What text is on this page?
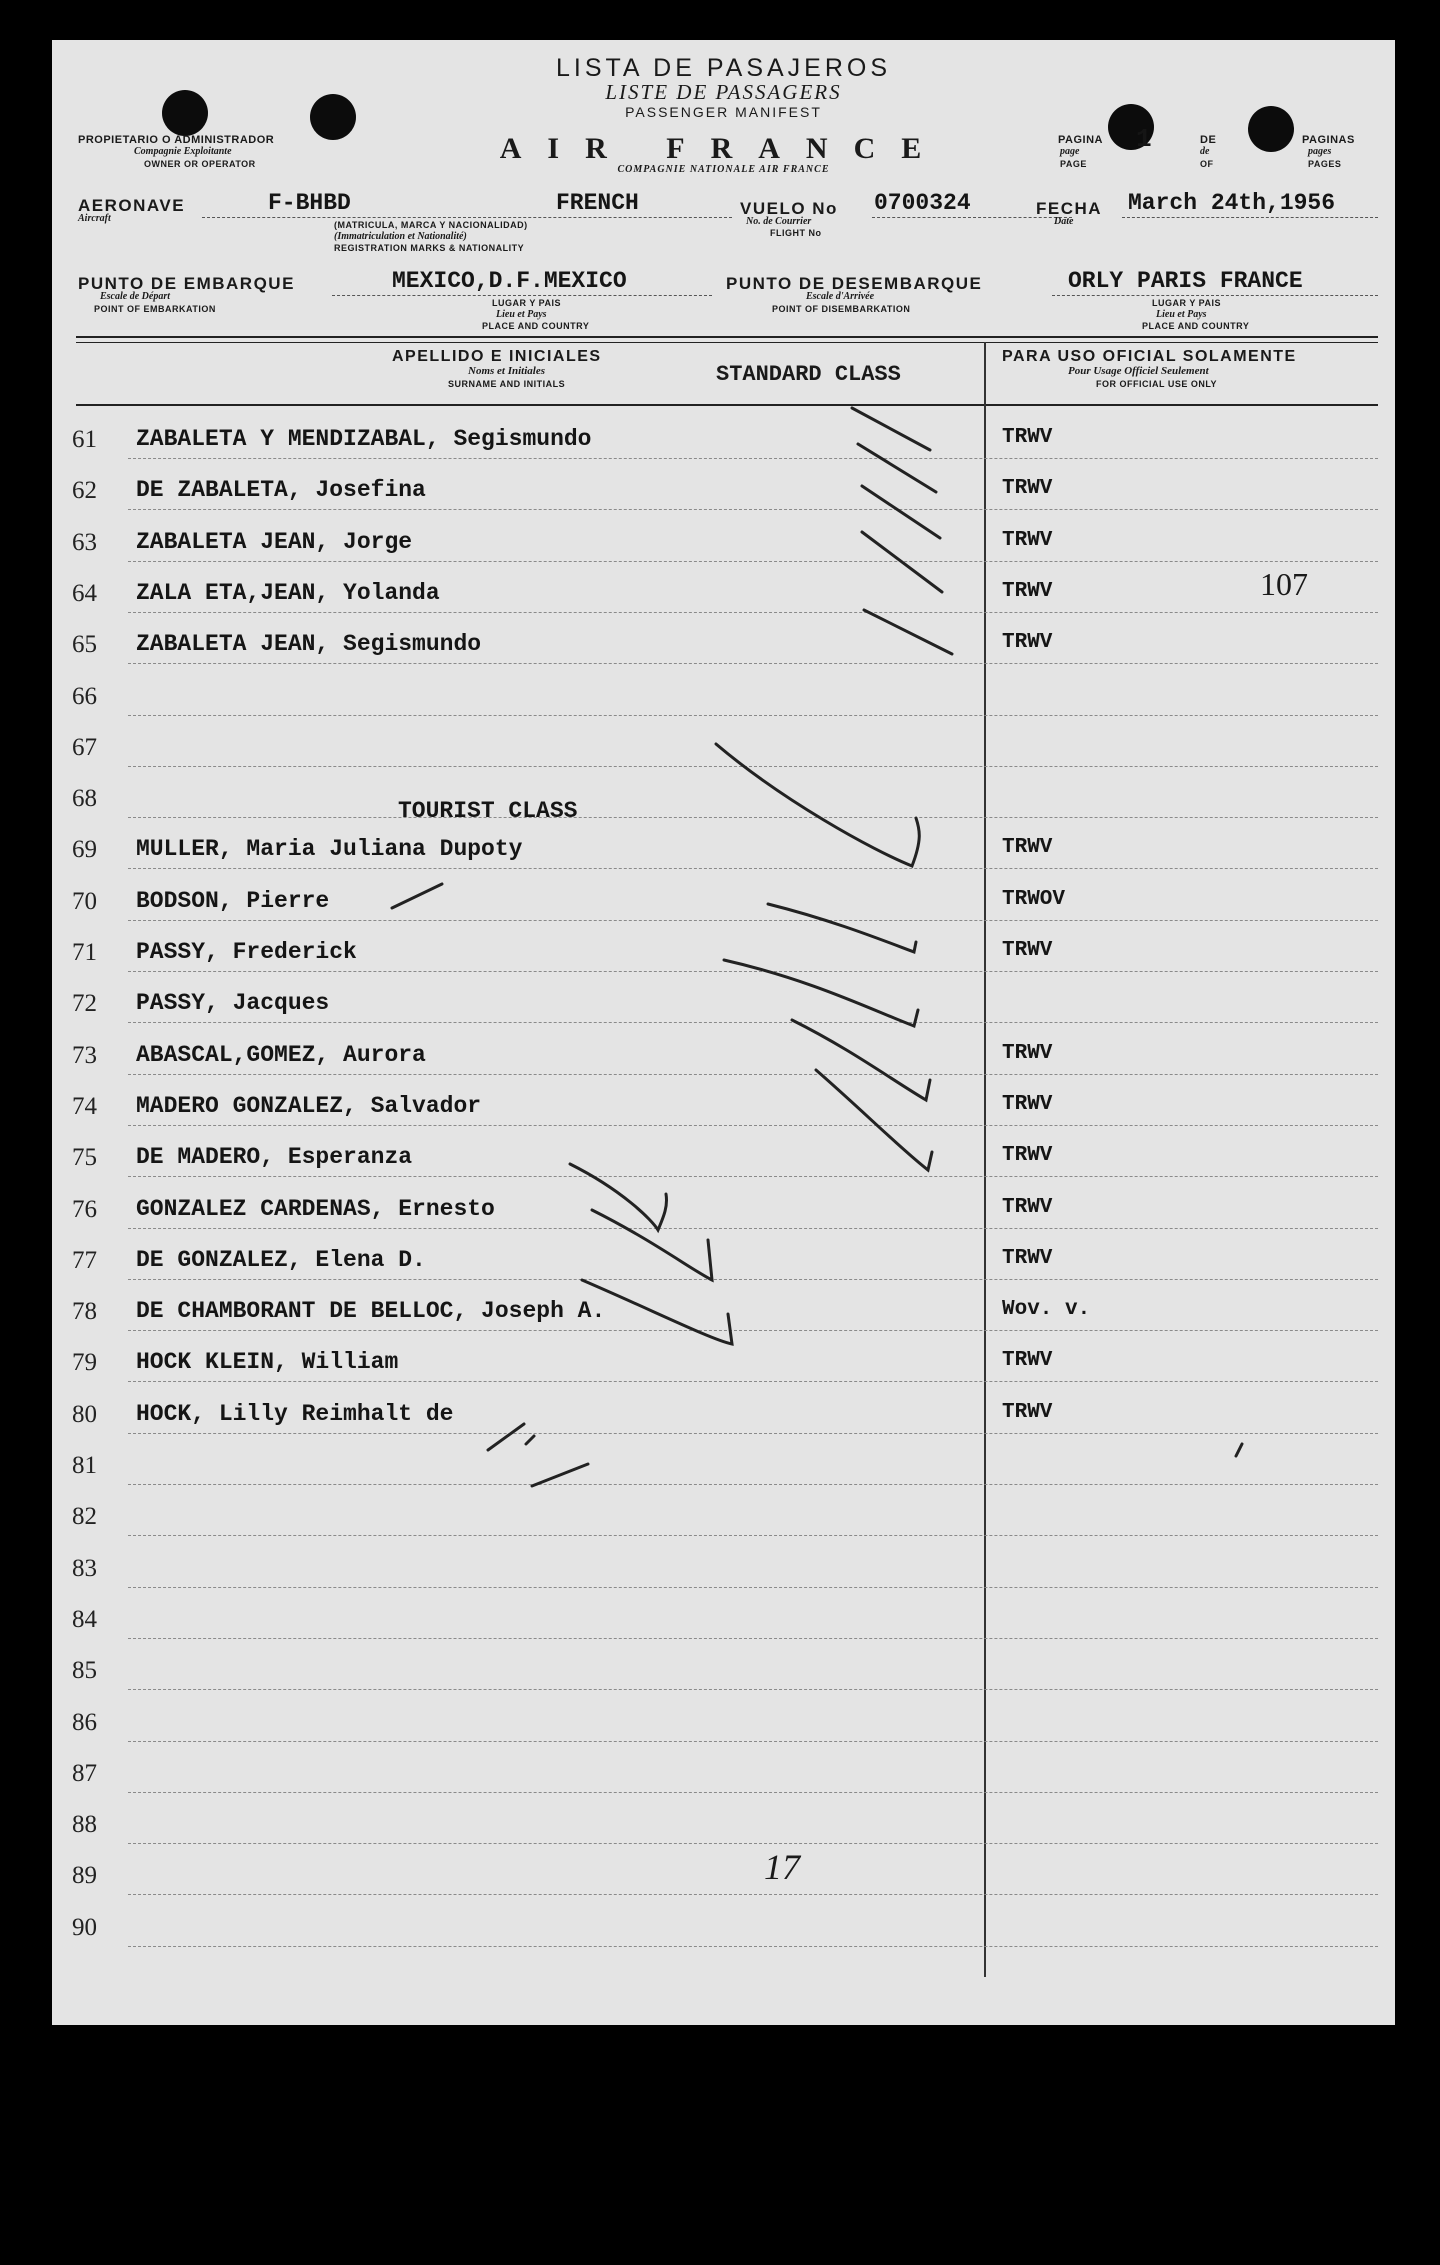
LISTA DE PASAJEROS
LISTE DE PASSAGERS
PASSENGER MANIFEST
AIR FRANCE
COMPAGNIE NATIONALE AIR FRANCE
PROPIETARIO O ADMINISTRADOR
Compagnie Exploitante
OWNER OR OPERATOR
PAGINA
page
PAGE
1	DE
de
OF
PAGINAS
pages
PAGES
AERONAVE
Aircraft
F-BHBD	FRENCH
(MATRICULA, MARCA Y NACIONALIDAD)
(Immatriculation et Nationalité)
REGISTRATION MARKS & NATIONALITY
VUELO No
No. de Courrier
FLIGHT No
0700324	FECHA
Date
March 24th,1956
PUNTO DE EMBARQUE
Escale de Départ
POINT OF EMBARKATION
MEXICO,D.F.MEXICO
LUGAR Y PAIS
Lieu et Pays
PLACE AND COUNTRY
PUNTO DE DESEMBARQUE
Escale d'Arrivée
POINT OF DISEMBARKATION
ORLY PARIS FRANCE
LUGAR Y PAIS
Lieu et Pays
PLACE AND COUNTRY
APELLIDO E INICIALES
Noms et Initiales
SURNAME AND INITIALS	STANDARD CLASS
PARA USO OFICIAL SOLAMENTE
Pour Usage Officiel Seulement
FOR OFFICIAL USE ONLY
61	ZABALETA Y MENDIZABAL, Segismundo	TRWV
62	DE ZABALETA, Josefina	TRWV
63	ZABALETA JEAN, Jorge	TRWV
64	ZALA ETA,JEAN, Yolanda	TRWV
65	ZABALETA JEAN, Segismundo	TRWV
66
67
68
69	MULLER, Maria Juliana Dupoty	TRWV
70	BODSON, Pierre	TRWOV
71	PASSY, Frederick	TRWV
72	PASSY, Jacques
73	ABASCAL,GOMEZ, Aurora	TRWV
74	MADERO GONZALEZ, Salvador	TRWV
75	DE MADERO, Esperanza	TRWV
76	GONZALEZ CARDENAS, Ernesto	TRWV
77	DE GONZALEZ, Elena D.	TRWV
78	DE CHAMBORANT DE BELLOC, Joseph A.	Wov. v.
79	HOCK KLEIN, William	TRWV
80	HOCK, Lilly Reimhalt de	TRWV
81
82
83
84
85
86
87
88
89
90
TOURIST CLASS
107
17
